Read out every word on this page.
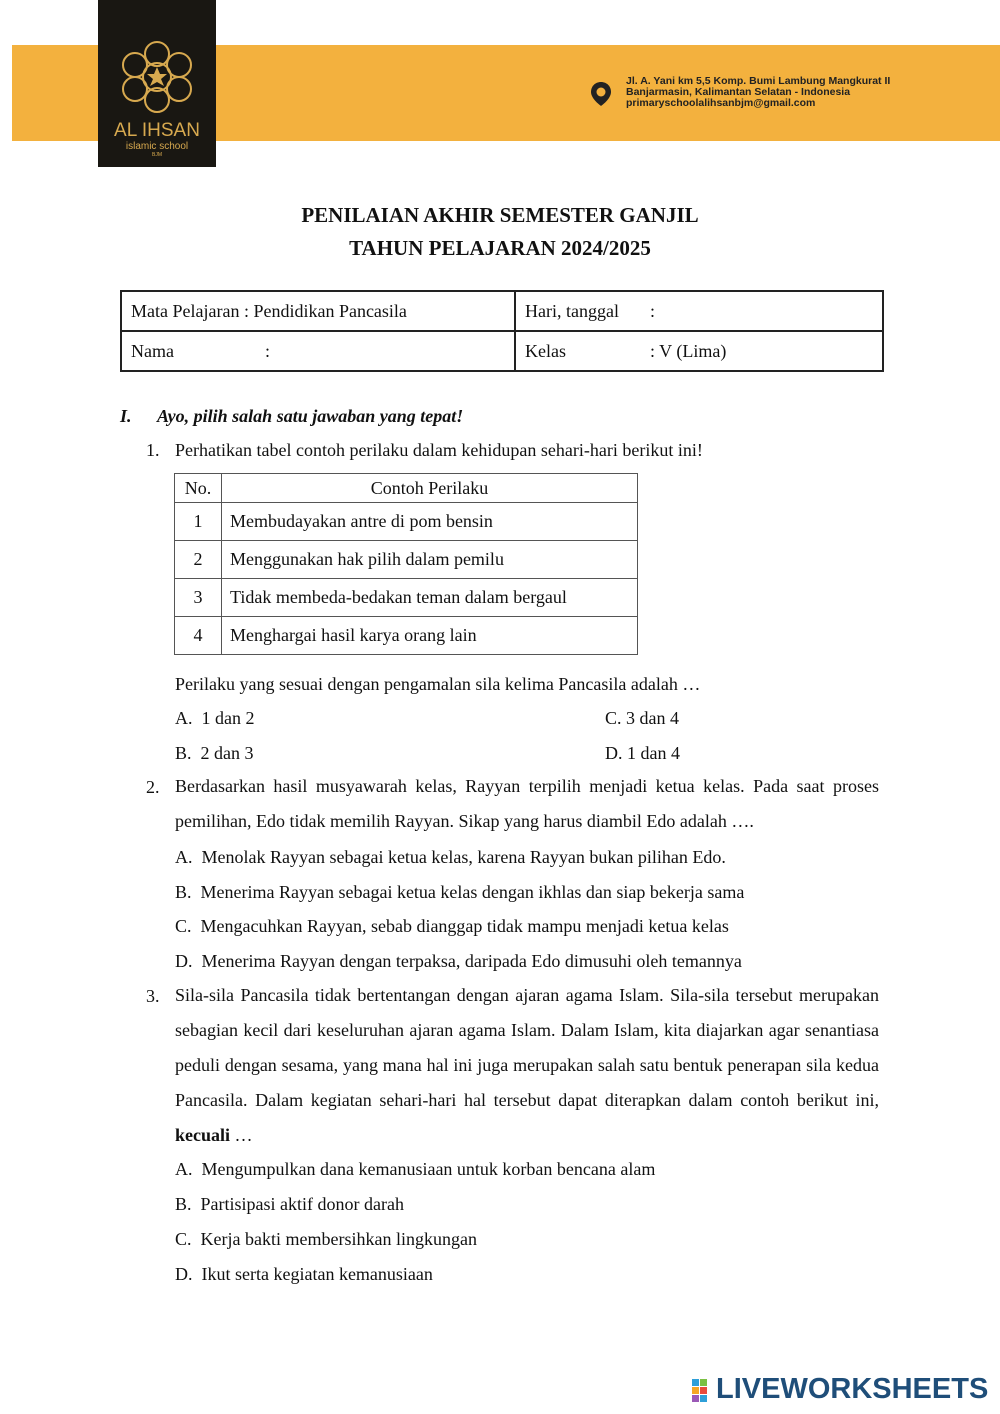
AL IHSAN
islamic school
BJM
Jl. A. Yani km 5,5 Komp. Bumi Lambung Mangkurat II
Banjarmasin, Kalimantan Selatan - Indonesia
primaryschoolalihsanbjm@gmail.com
PENILAIAN AKHIR SEMESTER GANJIL
TAHUN PELAJARAN 2024/2025
Mata Pelajaran : Pendidikan Pancasila	Hari, tanggal :
Nama :	Kelas : V (Lima)
I. Ayo, pilih salah satu jawaban yang tepat!
1. Perhatikan tabel contoh perilaku dalam kehidupan sehari-hari berikut ini!
No.	Contoh Perilaku
1	Membudayakan antre di pom bensin
2	Menggunakan hak pilih dalam pemilu
3	Tidak membeda-bedakan teman dalam bergaul
4	Menghargai hasil karya orang lain
Perilaku yang sesuai dengan pengamalan sila kelima Pancasila adalah …
A. 1 dan 2
B. 2 dan 3
C. 3 dan 4
D. 1 dan 4
2. Berdasarkan hasil musyawarah kelas, Rayyan terpilih menjadi ketua kelas. Pada saat proses pemilihan, Edo tidak memilih Rayyan. Sikap yang harus diambil Edo adalah ….
A. Menolak Rayyan sebagai ketua kelas, karena Rayyan bukan pilihan Edo.
B. Menerima Rayyan sebagai ketua kelas dengan ikhlas dan siap bekerja sama
C. Mengacuhkan Rayyan, sebab dianggap tidak mampu menjadi ketua kelas
D. Menerima Rayyan dengan terpaksa, daripada Edo dimusuhi oleh temannya
3. Sila-sila Pancasila tidak bertentangan dengan ajaran agama Islam. Sila-sila tersebut merupakan sebagian kecil dari keseluruhan ajaran agama Islam. Dalam Islam, kita diajarkan agar senantiasa peduli dengan sesama, yang mana hal ini juga merupakan salah satu bentuk penerapan sila kedua Pancasila. Dalam kegiatan sehari-hari hal tersebut dapat diterapkan dalam contoh berikut ini, kecuali …
A. Mengumpulkan dana kemanusiaan untuk korban bencana alam
B. Partisipasi aktif donor darah
C. Kerja bakti membersihkan lingkungan
D. Ikut serta kegiatan kemanusiaan
LIVEWORKSHEETS
